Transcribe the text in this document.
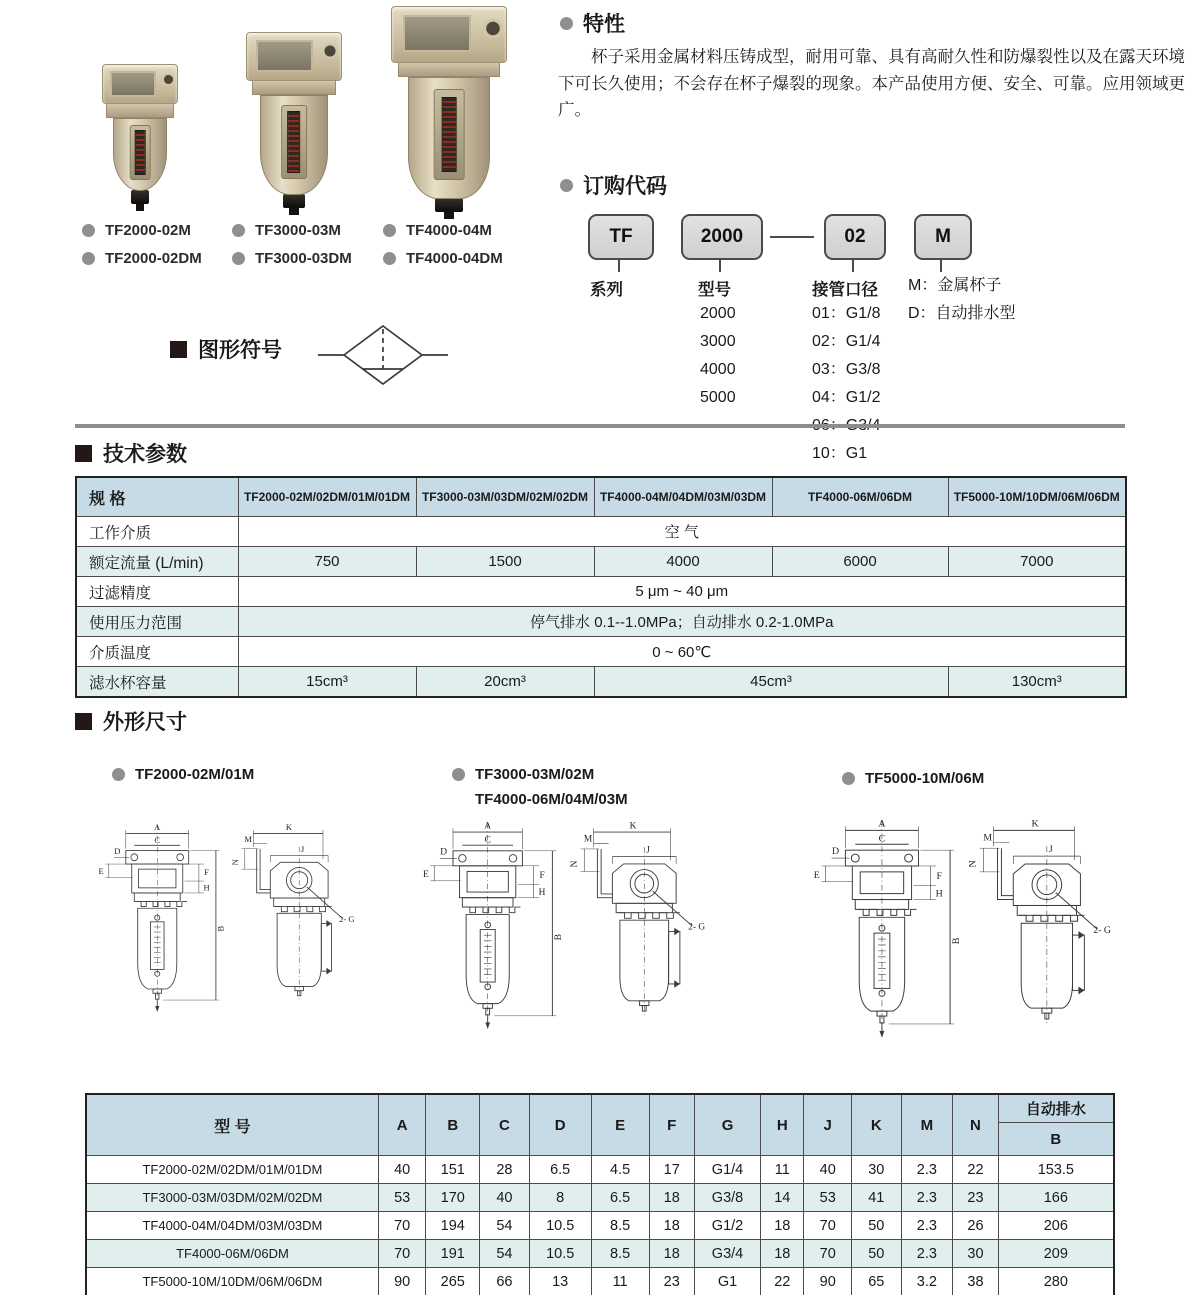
TF2000-02M
TF2000-02DM
TF3000-03M
TF3000-03DM
TF4000-04M
TF4000-04DM
特性
杯子采用金属材料压铸成型，耐用可靠、具有高耐久性和防爆裂性以及在露天环境下可长久使用；不会存在杯子爆裂的现象。本产品使用方便、安全、可靠。应用领域更广。
订购代码
TF	2000	02	M
系列	型号
2000
3000
4000
5000
接管口径
01：G1/8
02：G1/4
03：G3/8
04：G1/2
10：G1
M：金属杯子
D：自动排水型
图形符号
技术参数
规 格	TF2000-02M/02DM/01M/01DM	TF3000-03M/03DM/02M/02DM	TF4000-04M/04DM/03M/03DM	TF4000-06M/06DM	TF5000-10M/10DM/06M/06DM
工作介质	空 气				
额定流量 (L/min)	750	1500	4000	6000	7000
过滤精度	5 μm ~ 40 μm				
使用压力范围	停气排水 0.1--1.0MPa；自动排水 0.2-1.0MPa				
介质温度	0 ~ 60℃				
滤水杯容量	15cm³	20cm³	45cm³		130cm³
外形尺寸
TF2000-02M/01M	TF3000-03M/02M
TF4000-06M/04M/03M
TF5000-10M/06M
型 号	A	B	C	D	E	F	G	H	J	K	M	N	自动排水
													B
TF2000-02M/02DM/01M/01DM	40	151	28	6.5	4.5	17	G1/4	11	40	30	2.3	22	153.5
TF3000-03M/03DM/02M/02DM	53	170	40	8	6.5	18	G3/8	14	53	41	2.3	23	166
TF4000-04M/04DM/03M/03DM	70	194	54	10.5	8.5	18	G1/2	18	70	50	2.3	26	206
TF4000-06M/06DM	70	191	54	10.5	8.5	18	G3/4	18	70	50	2.3	30	209
TF5000-10M/10DM/06M/06DM	90	265	66	13	11	23	G1	22	90	65	3.2	38	280
